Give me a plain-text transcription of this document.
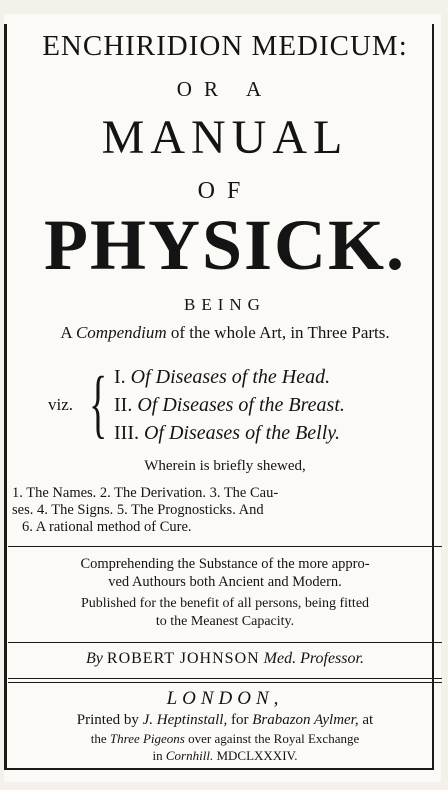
ENCHIRIDION MEDICUM:
OR A
MANUAL
OF
PHYSICK.
BEING
A Compendium of the whole Art, in Three Parts.
viz. { I. Of Diseases of the Head.
II. Of Diseases of the Breast.
III. Of Diseases of the Belly.
Wherein is briefly shewed,
1. The Names. 2. The Derivation. 3. The Cau-
ses. 4. The Signs. 5. The Prognosticks. And
6. A rational method of Cure.
Comprehending the Substance of the more appro-
ved Authours both Ancient and Modern.
Published for the benefit of all persons, being fitted
to the Meanest Capacity.
By ROBERT JOHNSON Med. Professor.
LONDON,
Printed by J. Heptinstall, for Brabazon Aylmer, at
the Three Pigeons over against the Royal Exchange
in Cornhill. MDCLXXXIV.
